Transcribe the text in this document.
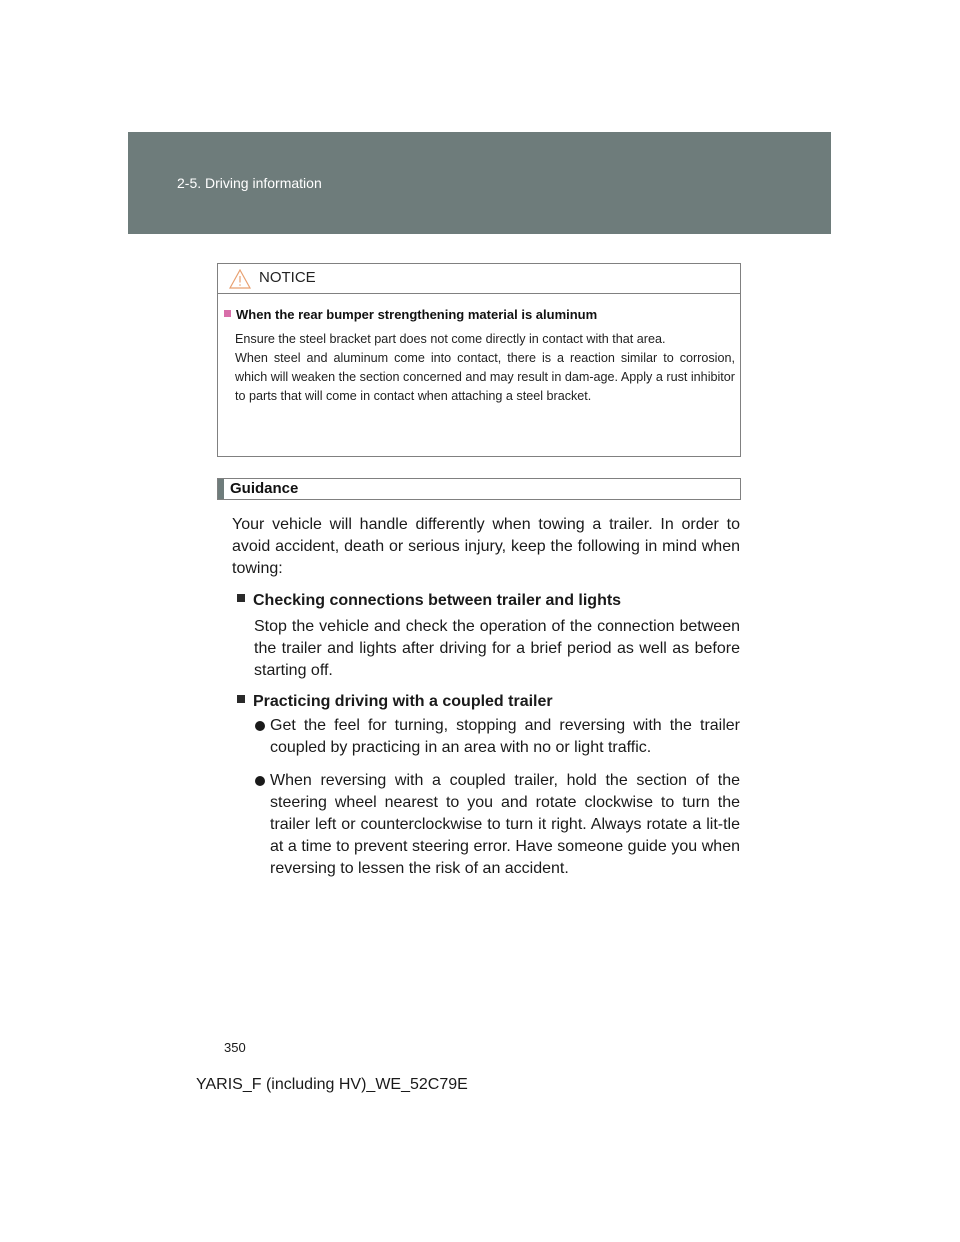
2-5. Driving information
NOTICE
When the rear bumper strengthening material is aluminum

Ensure the steel bracket part does not come directly in contact with that area.

When steel and aluminum come into contact, there is a reaction similar to corrosion, which will weaken the section concerned and may result in dam-age. Apply a rust inhibitor to parts that will come in contact when attaching a steel bracket.

Guidance
Your vehicle will handle differently when towing a trailer. In order to avoid accident, death or serious injury, keep the following in mind when towing:
Checking connections between trailer and lights
Stop the vehicle and check the operation of the connection between the trailer and lights after driving for a brief period as well as before starting off.
Practicing driving with a coupled trailer
Get the feel for turning, stopping and reversing with the trailer coupled by practicing in an area with no or light traffic.
When reversing with a coupled trailer, hold the section of the steering wheel nearest to you and rotate clockwise to turn the trailer left or counterclockwise to turn it right. Always rotate a lit-tle at a time to prevent steering error. Have someone guide you when reversing to lessen the risk of an accident.
350
YARIS_F (including HV)_WE_52C79E
